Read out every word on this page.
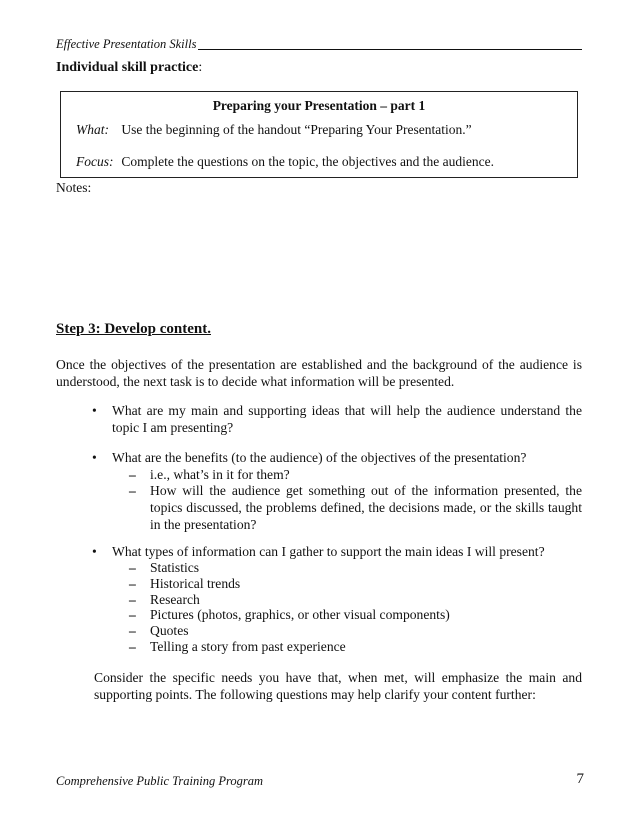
Effective Presentation Skills
Individual skill practice:
Preparing your Presentation – part 1
What: Use the beginning of the handout “Preparing Your Presentation.”
Focus: Complete the questions on the topic, the objectives and the audience.
Notes:
Step 3: Develop content.
Once the objectives of the presentation are established and the background of the audience is understood, the next task is to decide what information will be presented.
• What are my main and supporting ideas that will help the audience understand the topic I am presenting?
• What are the benefits (to the audience) of the objectives of the presentation?
– i.e., what’s in it for them?
– How will the audience get something out of the information presented, the topics discussed, the problems defined, the decisions made, or the skills taught in the presentation?
• What types of information can I gather to support the main ideas I will present?
– Statistics
– Historical trends
– Research
– Pictures (photos, graphics, or other visual components)
– Quotes
– Telling a story from past experience
Consider the specific needs you have that, when met, will emphasize the main and supporting points. The following questions may help clarify your content further:
Comprehensive Public Training Program	7
